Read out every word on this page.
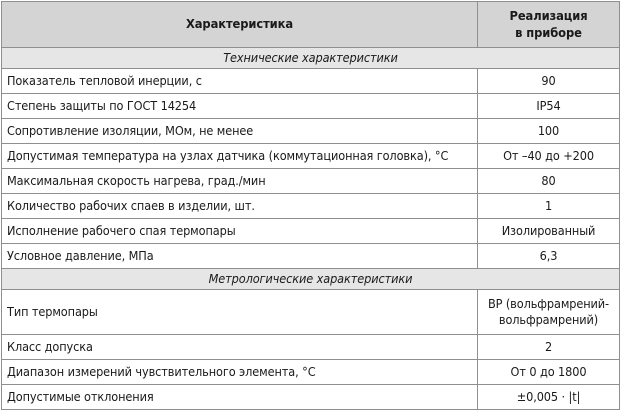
Характеристика	Реализация
в приборе
Технические характеристики	
Показатель тепловой инерции, с	90
Степень защиты по ГОСТ 14254	IP54
Сопротивление изоляции, МОм, не менее	100
Допустимая температура на узлах датчика (коммутационная головка), °С	От –40 до +200
Максимальная скорость нагрева, град./мин	80
Количество рабочих спаев в изделии, шт.	1
Исполнение рабочего спая термопары	Изолированный
Условное давление, МПа	6,3
Метрологические характеристики	
Тип термопары	ВР (вольфрамрений-
вольфрамрений)
Класс допуска	2
Диапазон измерений чувствительного элемента, °С	От 0 до 1800
Допустимые отклонения	±0,005 · |t|
